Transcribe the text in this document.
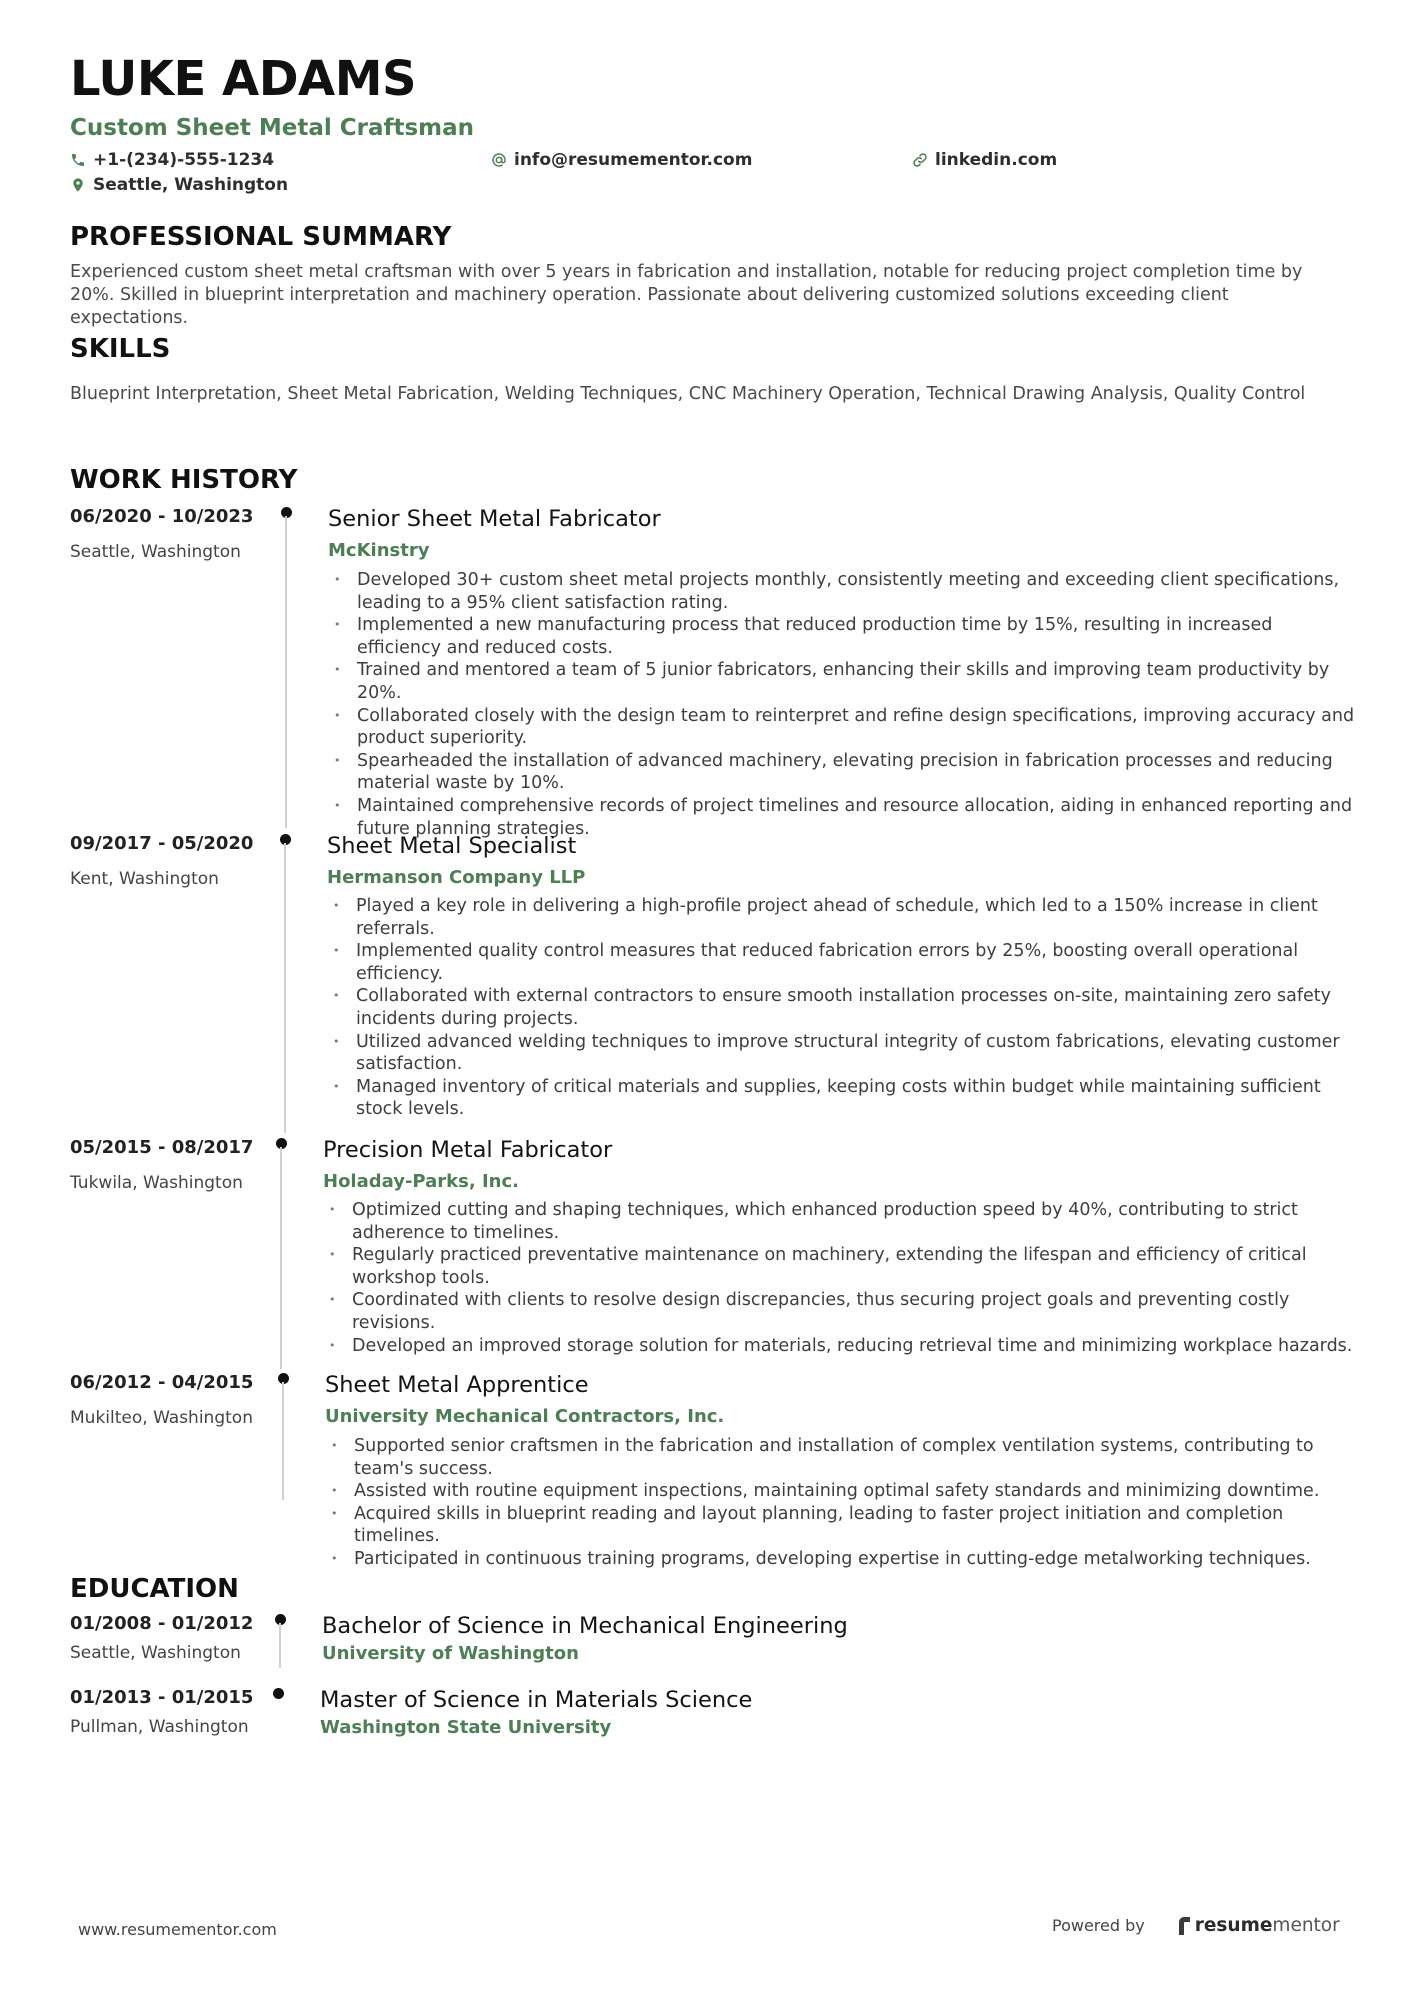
LUKE ADAMS
Custom Sheet Metal Craftsman
+1-(234)-555-1234	info@resumementor.com	linkedin.com
Seattle, Washington
PROFESSIONAL SUMMARY

Experienced custom sheet metal craftsman with over 5 years in fabrication and installation, notable for reducing project completion time by 20%. Skilled in blueprint interpretation and machinery operation. Passionate about delivering customized solutions exceeding client expectations.

SKILLS

Blueprint Interpretation, Sheet Metal Fabrication, Welding Techniques, CNC Machinery Operation, Technical Drawing Analysis, Quality Control

WORK HISTORY
06/2020 - 10/2023
Seattle, Washington
Senior Sheet Metal Fabricator
McKinstry
• Developed 30+ custom sheet metal projects monthly, consistently meeting and exceeding client specifications, leading to a 95% client satisfaction rating.
• Implemented a new manufacturing process that reduced production time by 15%, resulting in increased efficiency and reduced costs.
• Trained and mentored a team of 5 junior fabricators, enhancing their skills and improving team productivity by 20%.
• Collaborated closely with the design team to reinterpret and refine design specifications, improving accuracy and product superiority.
• Spearheaded the installation of advanced machinery, elevating precision in fabrication processes and reducing material waste by 10%.
• Maintained comprehensive records of project timelines and resource allocation, aiding in enhanced reporting and future planning strategies.
09/2017 - 05/2020
Kent, Washington
Sheet Metal Specialist
Hermanson Company LLP
• Played a key role in delivering a high-profile project ahead of schedule, which led to a 150% increase in client referrals.
• Implemented quality control measures that reduced fabrication errors by 25%, boosting overall operational efficiency.
• Collaborated with external contractors to ensure smooth installation processes on-site, maintaining zero safety incidents during projects.
• Utilized advanced welding techniques to improve structural integrity of custom fabrications, elevating customer satisfaction.
• Managed inventory of critical materials and supplies, keeping costs within budget while maintaining sufficient stock levels.
05/2015 - 08/2017
Tukwila, Washington
Precision Metal Fabricator
Holaday-Parks, Inc.
• Optimized cutting and shaping techniques, which enhanced production speed by 40%, contributing to strict adherence to timelines.
• Regularly practiced preventative maintenance on machinery, extending the lifespan and efficiency of critical workshop tools.
• Coordinated with clients to resolve design discrepancies, thus securing project goals and preventing costly revisions.
• Developed an improved storage solution for materials, reducing retrieval time and minimizing workplace hazards.
06/2012 - 04/2015
Mukilteo, Washington
Sheet Metal Apprentice
University Mechanical Contractors, Inc.
• Supported senior craftsmen in the fabrication and installation of complex ventilation systems, contributing to team's success.
• Assisted with routine equipment inspections, maintaining optimal safety standards and minimizing downtime.
• Acquired skills in blueprint reading and layout planning, leading to faster project initiation and completion timelines.
• Participated in continuous training programs, developing expertise in cutting-edge metalworking techniques.
EDUCATION
01/2008 - 01/2012
Seattle, Washington
Bachelor of Science in Mechanical Engineering
University of Washington
01/2013 - 01/2015
Pullman, Washington
Master of Science in Materials Science
Washington State University
www.resumementor.com	Powered by	resume mentor
